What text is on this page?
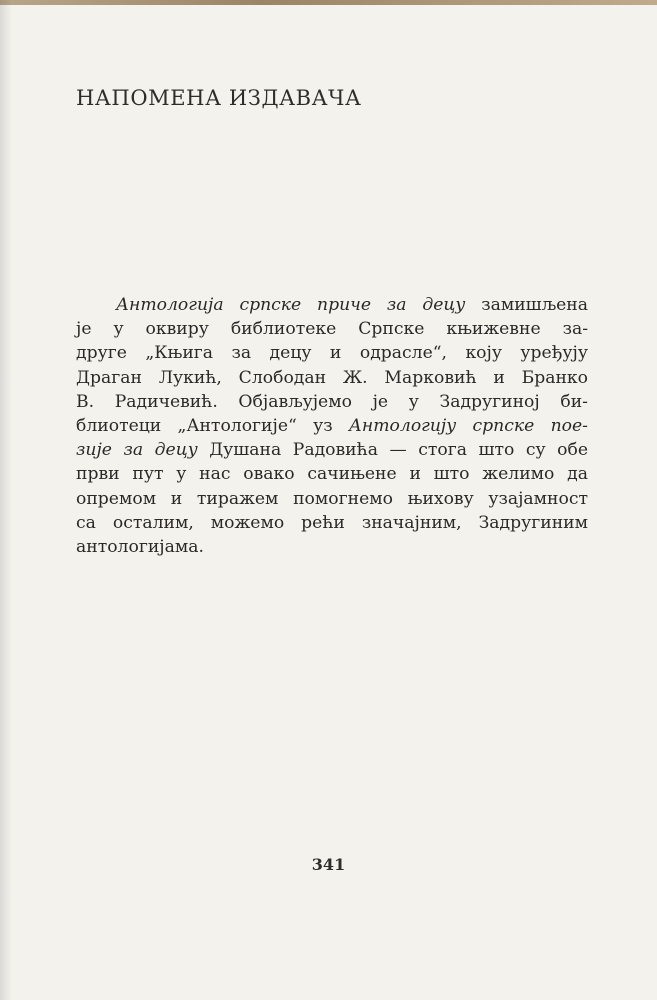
НАПОМЕНА ИЗДАВАЧА
Антологија српске приче за децу замишљена
је у оквиру библиотеке Српске књижевне за-
друге „Књига за децу и одрасле“, коју уређују
Драган Лукић, Слободан Ж. Марковић и Бранко
В. Радичевић. Објављујемо је у Задругиној би-
блиотеци „Антологије“ уз Антологију српске пое-
зије за децу Душана Радовића — стога што су обе
први пут у нас овако сачињене и што желимо да
опремом и тиражем помогнемо њихову узајамност
са осталим, можемо рећи значајним, Задругиним
антологијама.
341
